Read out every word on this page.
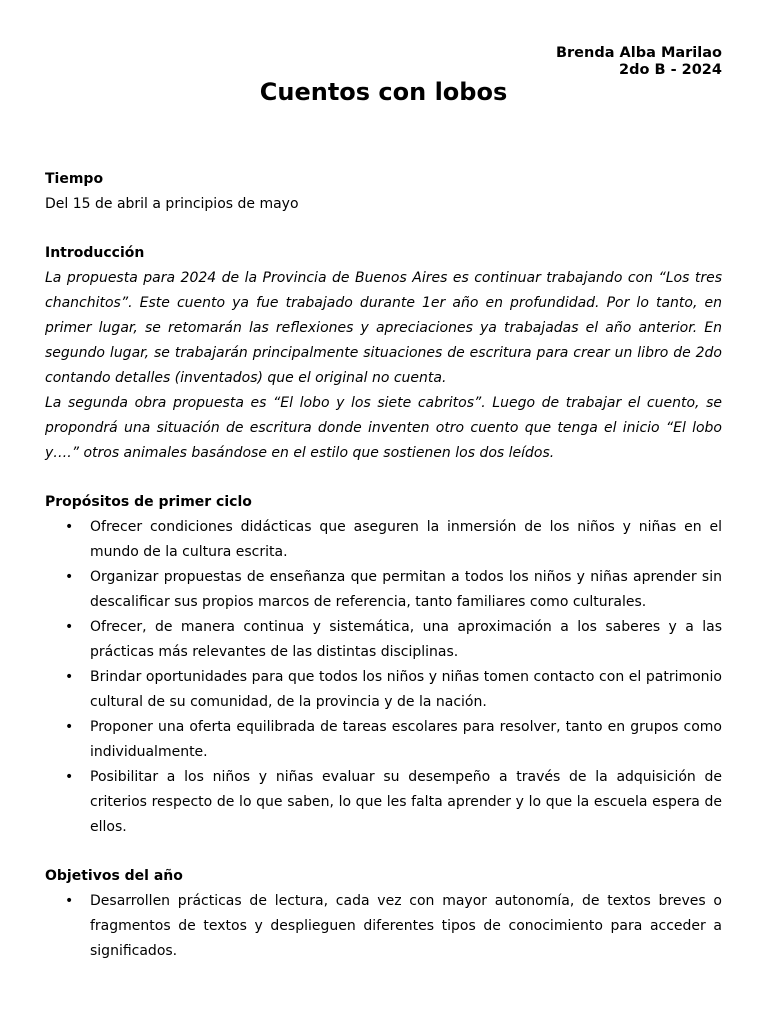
Brenda Alba Marilao
2do B - 2024
Cuentos con lobos
Tiempo

Del 15 de abril a principios de mayo

Introducción

La propuesta para 2024 de la Provincia de Buenos Aires es continuar trabajando con “Los tres chanchitos”. Este cuento ya fue trabajado durante 1er año en profundidad. Por lo tanto, en primer lugar, se retomarán las reflexiones y apreciaciones ya trabajadas el año anterior. En segundo lugar, se trabajarán principalmente situaciones de escritura para crear un libro de 2do contando detalles (inventados) que el original no cuenta.

La segunda obra propuesta es “El lobo y los siete cabritos”. Luego de trabajar el cuento, se propondrá una situación de escritura donde inventen otro cuento que tenga el inicio “El lobo y….” otros animales basándose en el estilo que sostienen los dos leídos.

Propósitos de primer ciclo
• Ofrecer condiciones didácticas que aseguren la inmersión de los niños y niñas en el mundo de la cultura escrita.
• Organizar propuestas de enseñanza que permitan a todos los niños y niñas aprender sin descalificar sus propios marcos de referencia, tanto familiares como culturales.
• Ofrecer, de manera continua y sistemática, una aproximación a los saberes y a las prácticas más relevantes de las distintas disciplinas.
• Brindar oportunidades para que todos los niños y niñas tomen contacto con el patrimonio cultural de su comunidad, de la provincia y de la nación.
• Proponer una oferta equilibrada de tareas escolares para resolver, tanto en grupos como individualmente.
• Posibilitar a los niños y niñas evaluar su desempeño a través de la adquisición de criterios respecto de lo que saben, lo que les falta aprender y lo que la escuela espera de ellos.
Objetivos del año
• Desarrollen prácticas de lectura, cada vez con mayor autonomía, de textos breves o fragmentos de textos y desplieguen diferentes tipos de conocimiento para acceder a significados.
